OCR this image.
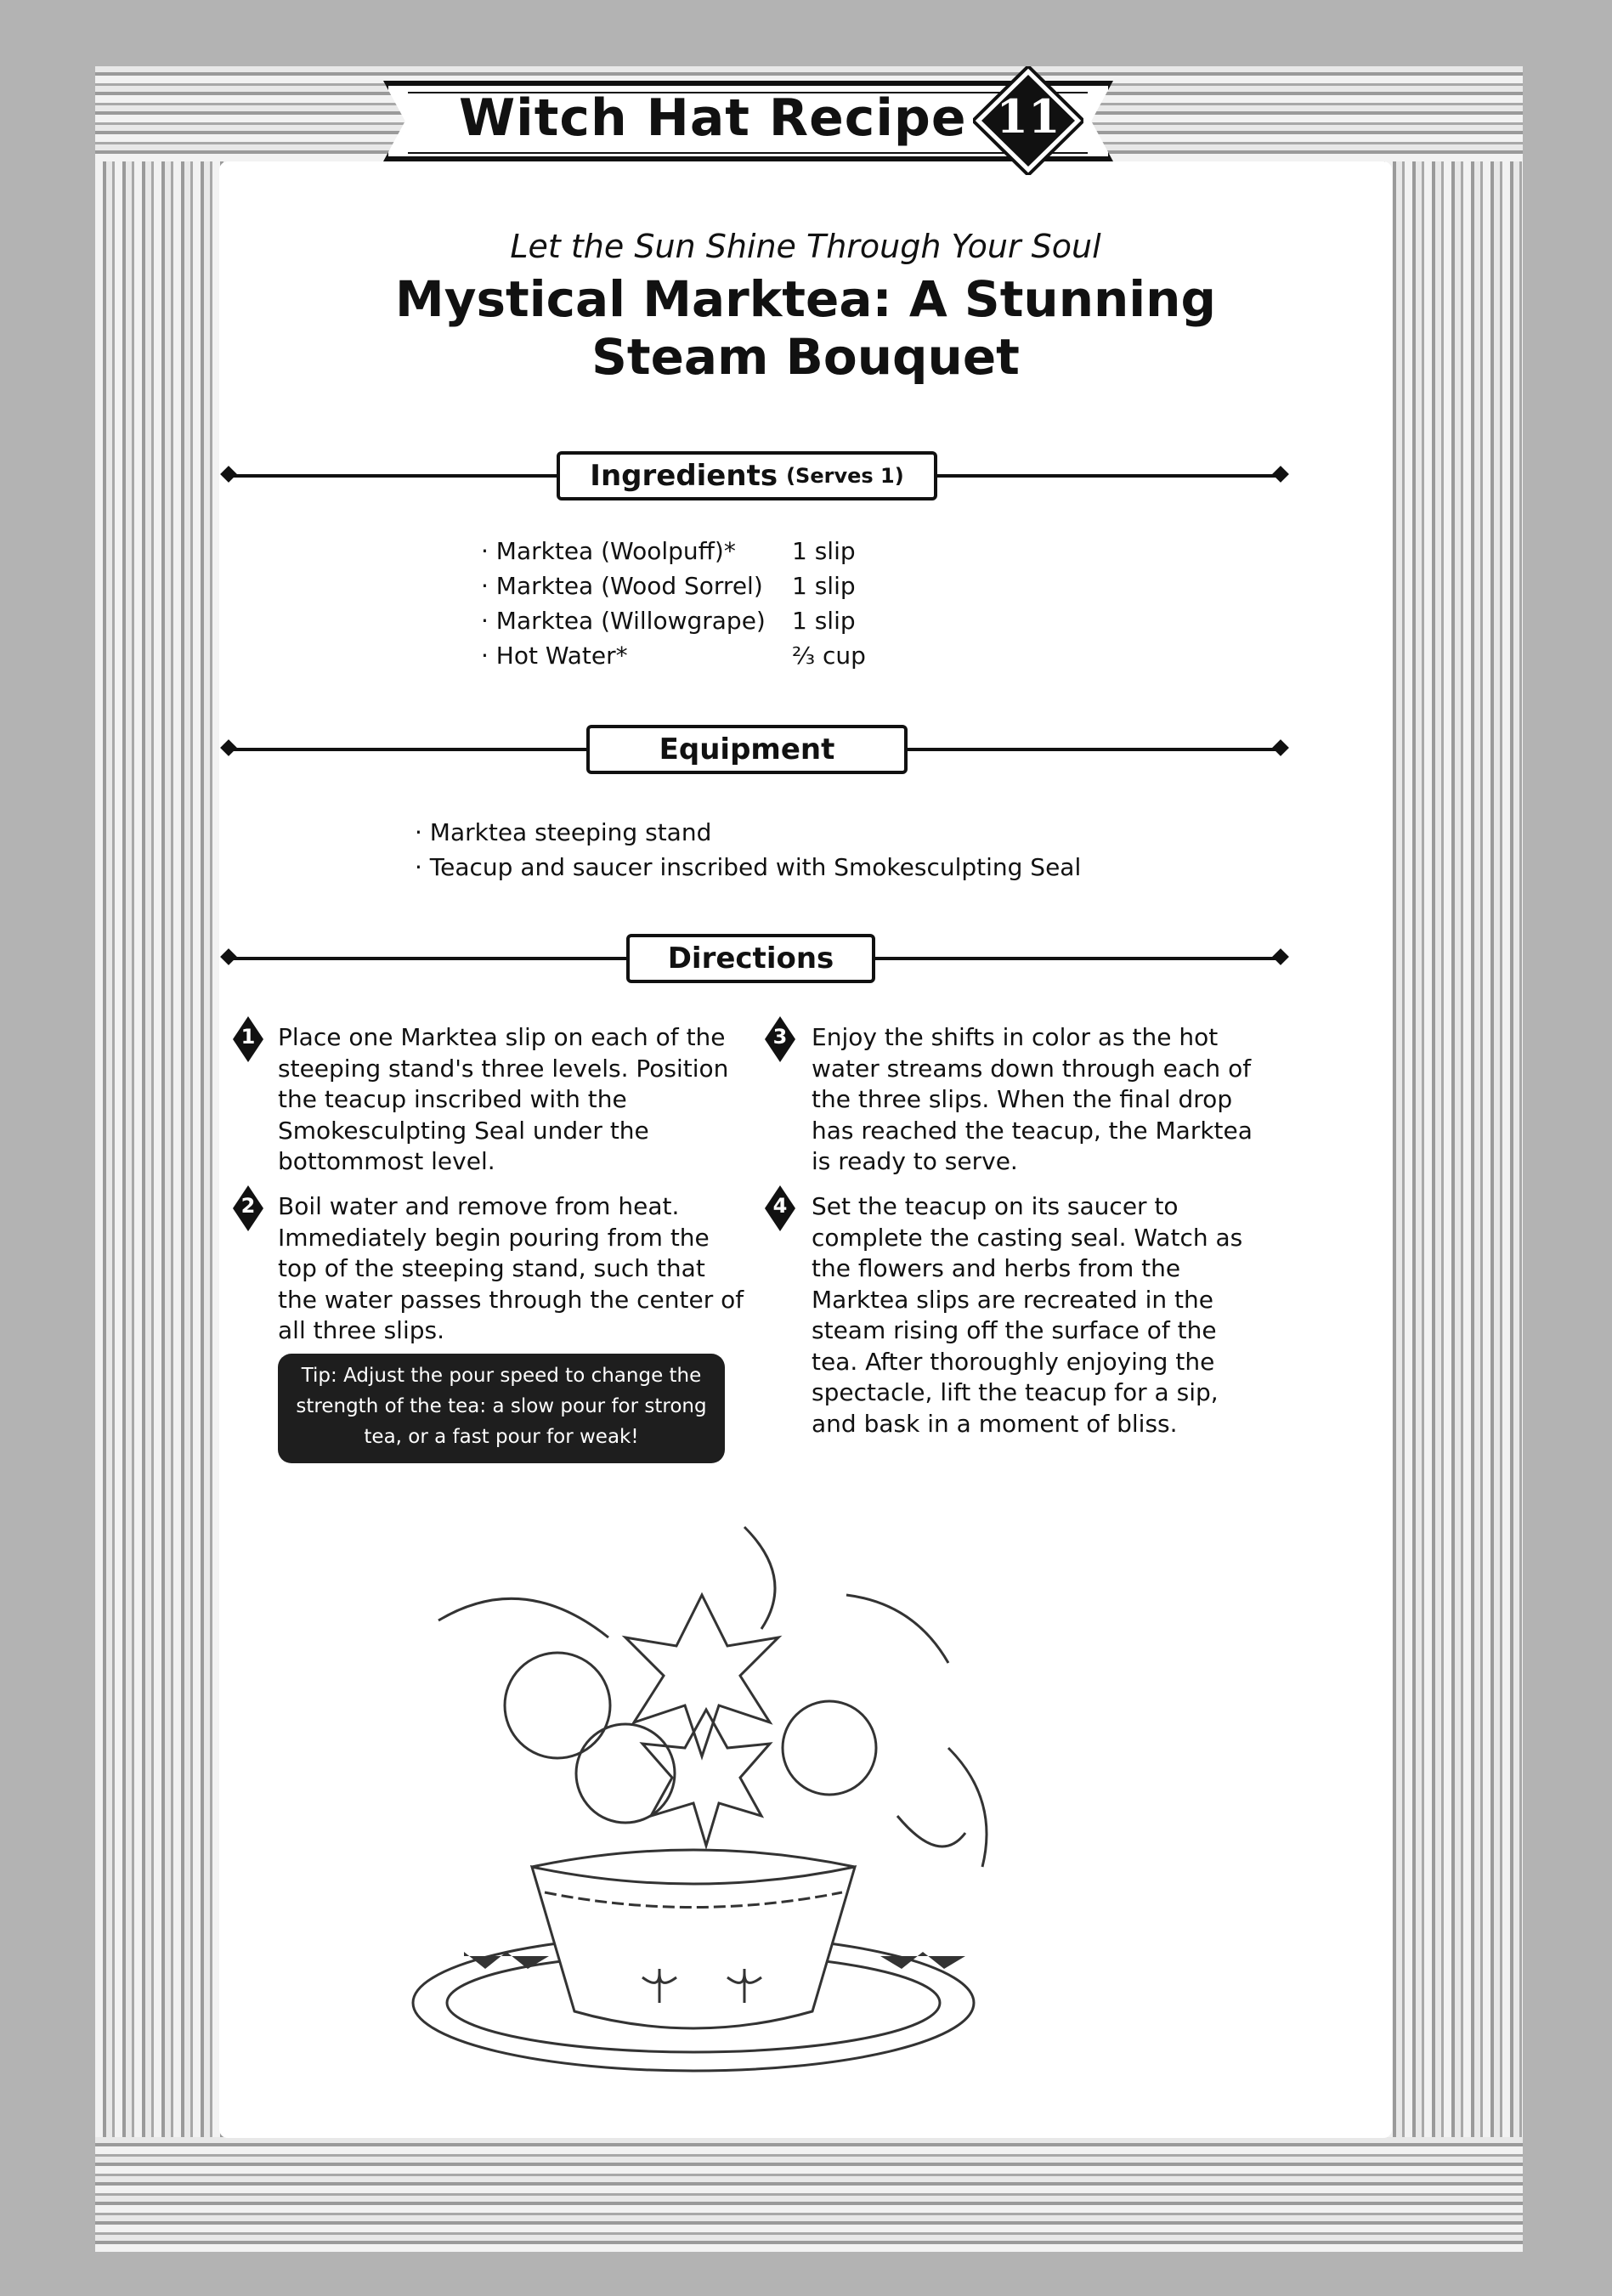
Witch Hat Recipe 11
Let the Sun Shine Through Your Soul
Mystical Marktea: A Stunning
Steam Bouquet
Ingredients (Serves 1)
· Marktea (Woolpuff)* 1 slip
· Marktea (Wood Sorrel) 1 slip
· Marktea (Willowgrape) 1 slip
· Hot Water*	⅔ cup
Equipment
· Marktea steeping stand
· Teacup and saucer inscribed with Smokesculpting Seal
Directions
1 Place one Marktea slip on each of the steeping stand's three levels. Position the teacup inscribed with the Smokesculpting Seal under the bottommost level.
2 Boil water and remove from heat. Immediately begin pouring from the top of the steeping stand, such that the water passes through the center of all three slips.
3	Enjoy the shifts in color as the hot water streams down through each of the three slips. When the final drop has reached the teacup, the Marktea is ready to serve.
4	Set the teacup on its saucer to complete the casting seal. Watch as the flowers and herbs from the Marktea slips are recreated in the steam rising off the surface of the tea. After thoroughly enjoying the spectacle, lift the teacup for a sip, and bask in a moment of bliss.
Tip: Adjust the pour speed to change the strength of the tea: a slow pour for strong tea, or a fast pour for weak!
